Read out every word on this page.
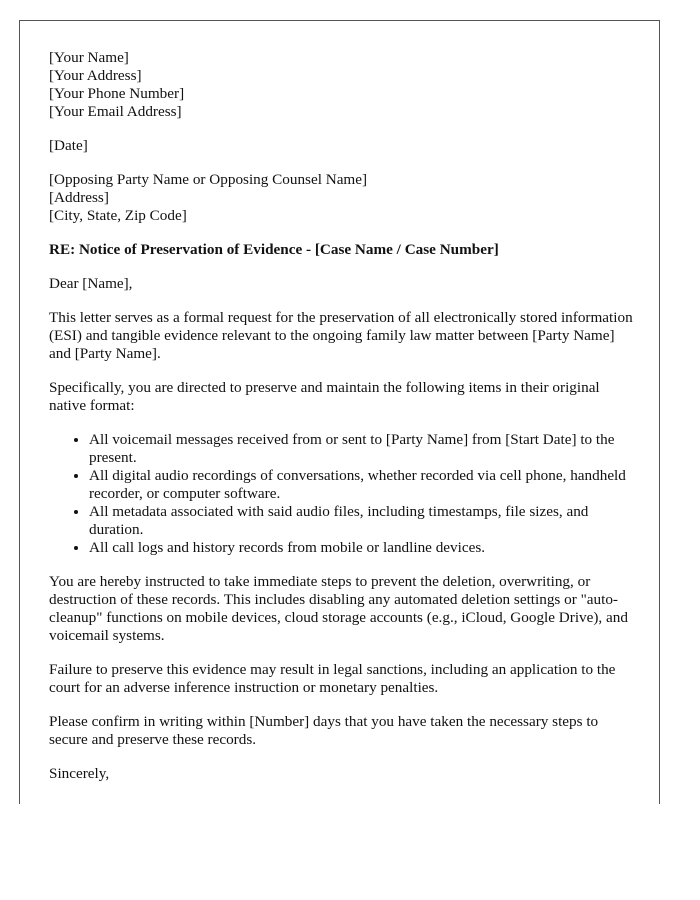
[Your Name]
[Your Address]
[Your Phone Number]
[Your Email Address]
[Date]
[Opposing Party Name or Opposing Counsel Name]
[Address]
[City, State, Zip Code]

RE: Notice of Preservation of Evidence - [Case Name / Case Number]

Dear [Name],

This letter serves as a formal request for the preservation of all electronically stored information (ESI) and tangible evidence relevant to the ongoing family law matter between [Party Name] and [Party Name].

Specifically, you are directed to preserve and maintain the following items in their original native format:

• All voicemail messages received from or sent to [Party Name] from [Start Date] to the present.
• All digital audio recordings of conversations, whether recorded via cell phone, handheld recorder, or computer software.
• All metadata associated with said audio files, including timestamps, file sizes, and duration.
• All call logs and history records from mobile or landline devices.

You are hereby instructed to take immediate steps to prevent the deletion, overwriting, or destruction of these records. This includes disabling any automated deletion settings or "auto-cleanup" functions on mobile devices, cloud storage accounts (e.g., iCloud, Google Drive), and voicemail systems.

Failure to preserve this evidence may result in legal sanctions, including an application to the court for an adverse inference instruction or monetary penalties.

Please confirm in writing within [Number] days that you have taken the necessary steps to secure and preserve these records.

Sincerely,
